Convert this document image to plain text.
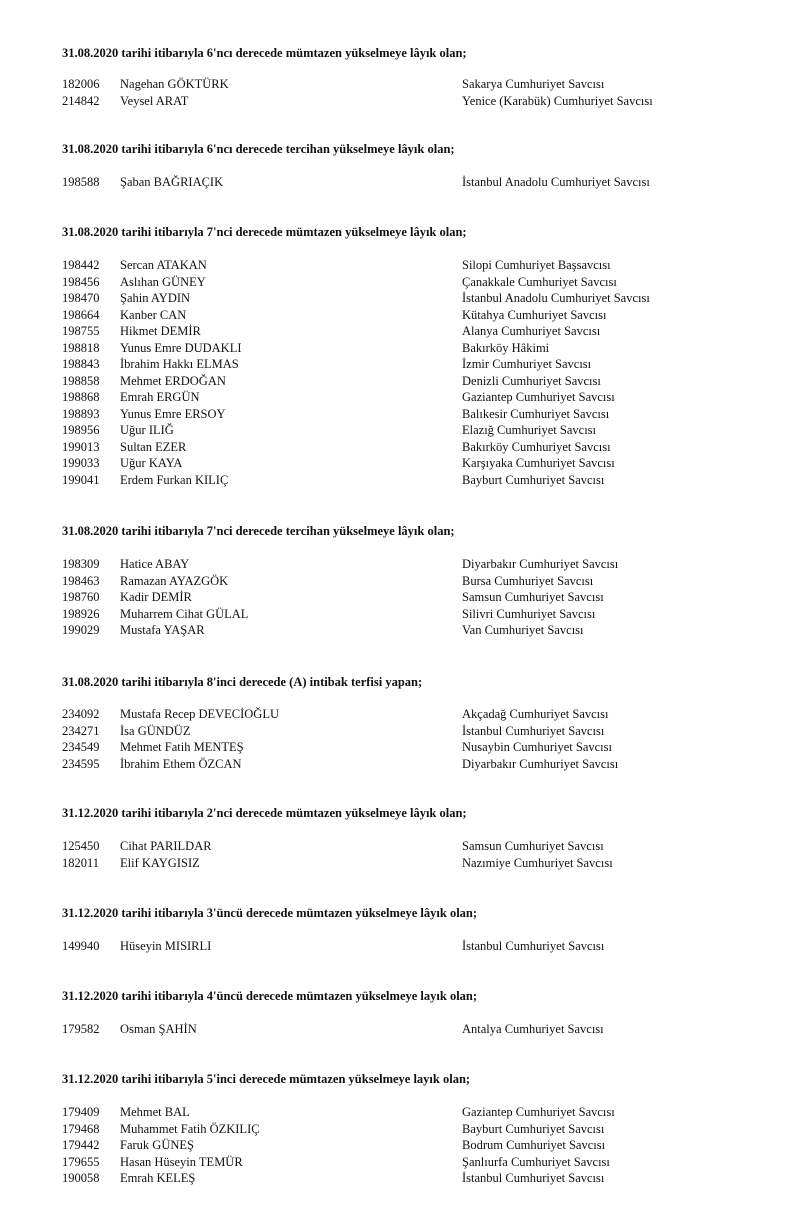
31.08.2020 tarihi itibarıyla 6'ncı derecede mümtazen yükselmeye lâyık olan;
182006 Nagehan GÖKTÜRK	Sakarya Cumhuriyet Savcısı
214842 Veysel ARAT	Yenice (Karabük) Cumhuriyet Savcısı
31.08.2020 tarihi itibarıyla 6'ncı derecede tercihan yükselmeye lâyık olan;
198588 Şaban BAĞRIAÇIK	İstanbul Anadolu Cumhuriyet Savcısı
31.08.2020 tarihi itibarıyla 7'nci derecede mümtazen yükselmeye lâyık olan;
198442 Sercan ATAKAN	Silopi Cumhuriyet Başsavcısı
198456 Aslıhan GÜNEY	Çanakkale Cumhuriyet Savcısı
198470 Şahin AYDIN	İstanbul Anadolu Cumhuriyet Savcısı
198664 Kanber CAN	Kütahya Cumhuriyet Savcısı
198755 Hikmet DEMİR	Alanya Cumhuriyet Savcısı
198818 Yunus Emre DUDAKLI	Bakırköy Hâkimi
198843 İbrahim Hakkı ELMAS	İzmir Cumhuriyet Savcısı
198858 Mehmet ERDOĞAN	Denizli Cumhuriyet Savcısı
198868 Emrah ERGÜN	Gaziantep Cumhuriyet Savcısı
198893 Yunus Emre ERSOY	Balıkesir Cumhuriyet Savcısı
198956 Uğur ILIĞ	Elazığ Cumhuriyet Savcısı
199013 Sultan EZER	Bakırköy Cumhuriyet Savcısı
199033 Uğur KAYA	Karşıyaka Cumhuriyet Savcısı
199041 Erdem Furkan KILIÇ	Bayburt Cumhuriyet Savcısı
31.08.2020 tarihi itibarıyla 7'nci derecede tercihan yükselmeye lâyık olan;
198309 Hatice ABAY	Diyarbakır Cumhuriyet Savcısı
198463 Ramazan AYAZGÖK	Bursa Cumhuriyet Savcısı
198760 Kadir DEMİR	Samsun Cumhuriyet Savcısı
198926 Muharrem Cihat GÜLAL	Silivri Cumhuriyet Savcısı
199029 Mustafa YAŞAR	Van Cumhuriyet Savcısı
31.08.2020 tarihi itibarıyla 8'inci derecede (A) intibak terfisi yapan;
234092 Mustafa Recep DEVECİOĞLU	Akçadağ Cumhuriyet Savcısı
234271 İsa GÜNDÜZ	İstanbul Cumhuriyet Savcısı
234549 Mehmet Fatih MENTEŞ	Nusaybin Cumhuriyet Savcısı
234595 İbrahim Ethem ÖZCAN	Diyarbakır Cumhuriyet Savcısı
31.12.2020 tarihi itibarıyla 2'nci derecede mümtazen yükselmeye lâyık olan;
125450 Cihat PARILDAR	Samsun Cumhuriyet Savcısı
182011 Elif KAYGISIZ	Nazımiye Cumhuriyet Savcısı
31.12.2020 tarihi itibarıyla 3'üncü derecede mümtazen yükselmeye lâyık olan;
149940 Hüseyin MISIRLI	İstanbul Cumhuriyet Savcısı
31.12.2020 tarihi itibarıyla 4'üncü derecede mümtazen yükselmeye layık olan;
179582 Osman ŞAHİN	Antalya Cumhuriyet Savcısı
31.12.2020 tarihi itibarıyla 5'inci derecede mümtazen yükselmeye layık olan;
179409 Mehmet BAL	Gaziantep Cumhuriyet Savcısı
179468 Muhammet Fatih ÖZKILIÇ	Bayburt Cumhuriyet Savcısı
179442 Faruk GÜNEŞ	Bodrum Cumhuriyet Savcısı
179655 Hasan Hüseyin TEMÜR	Şanlıurfa Cumhuriyet Savcısı
190058 Emrah KELEŞ	İstanbul Cumhuriyet Savcısı
